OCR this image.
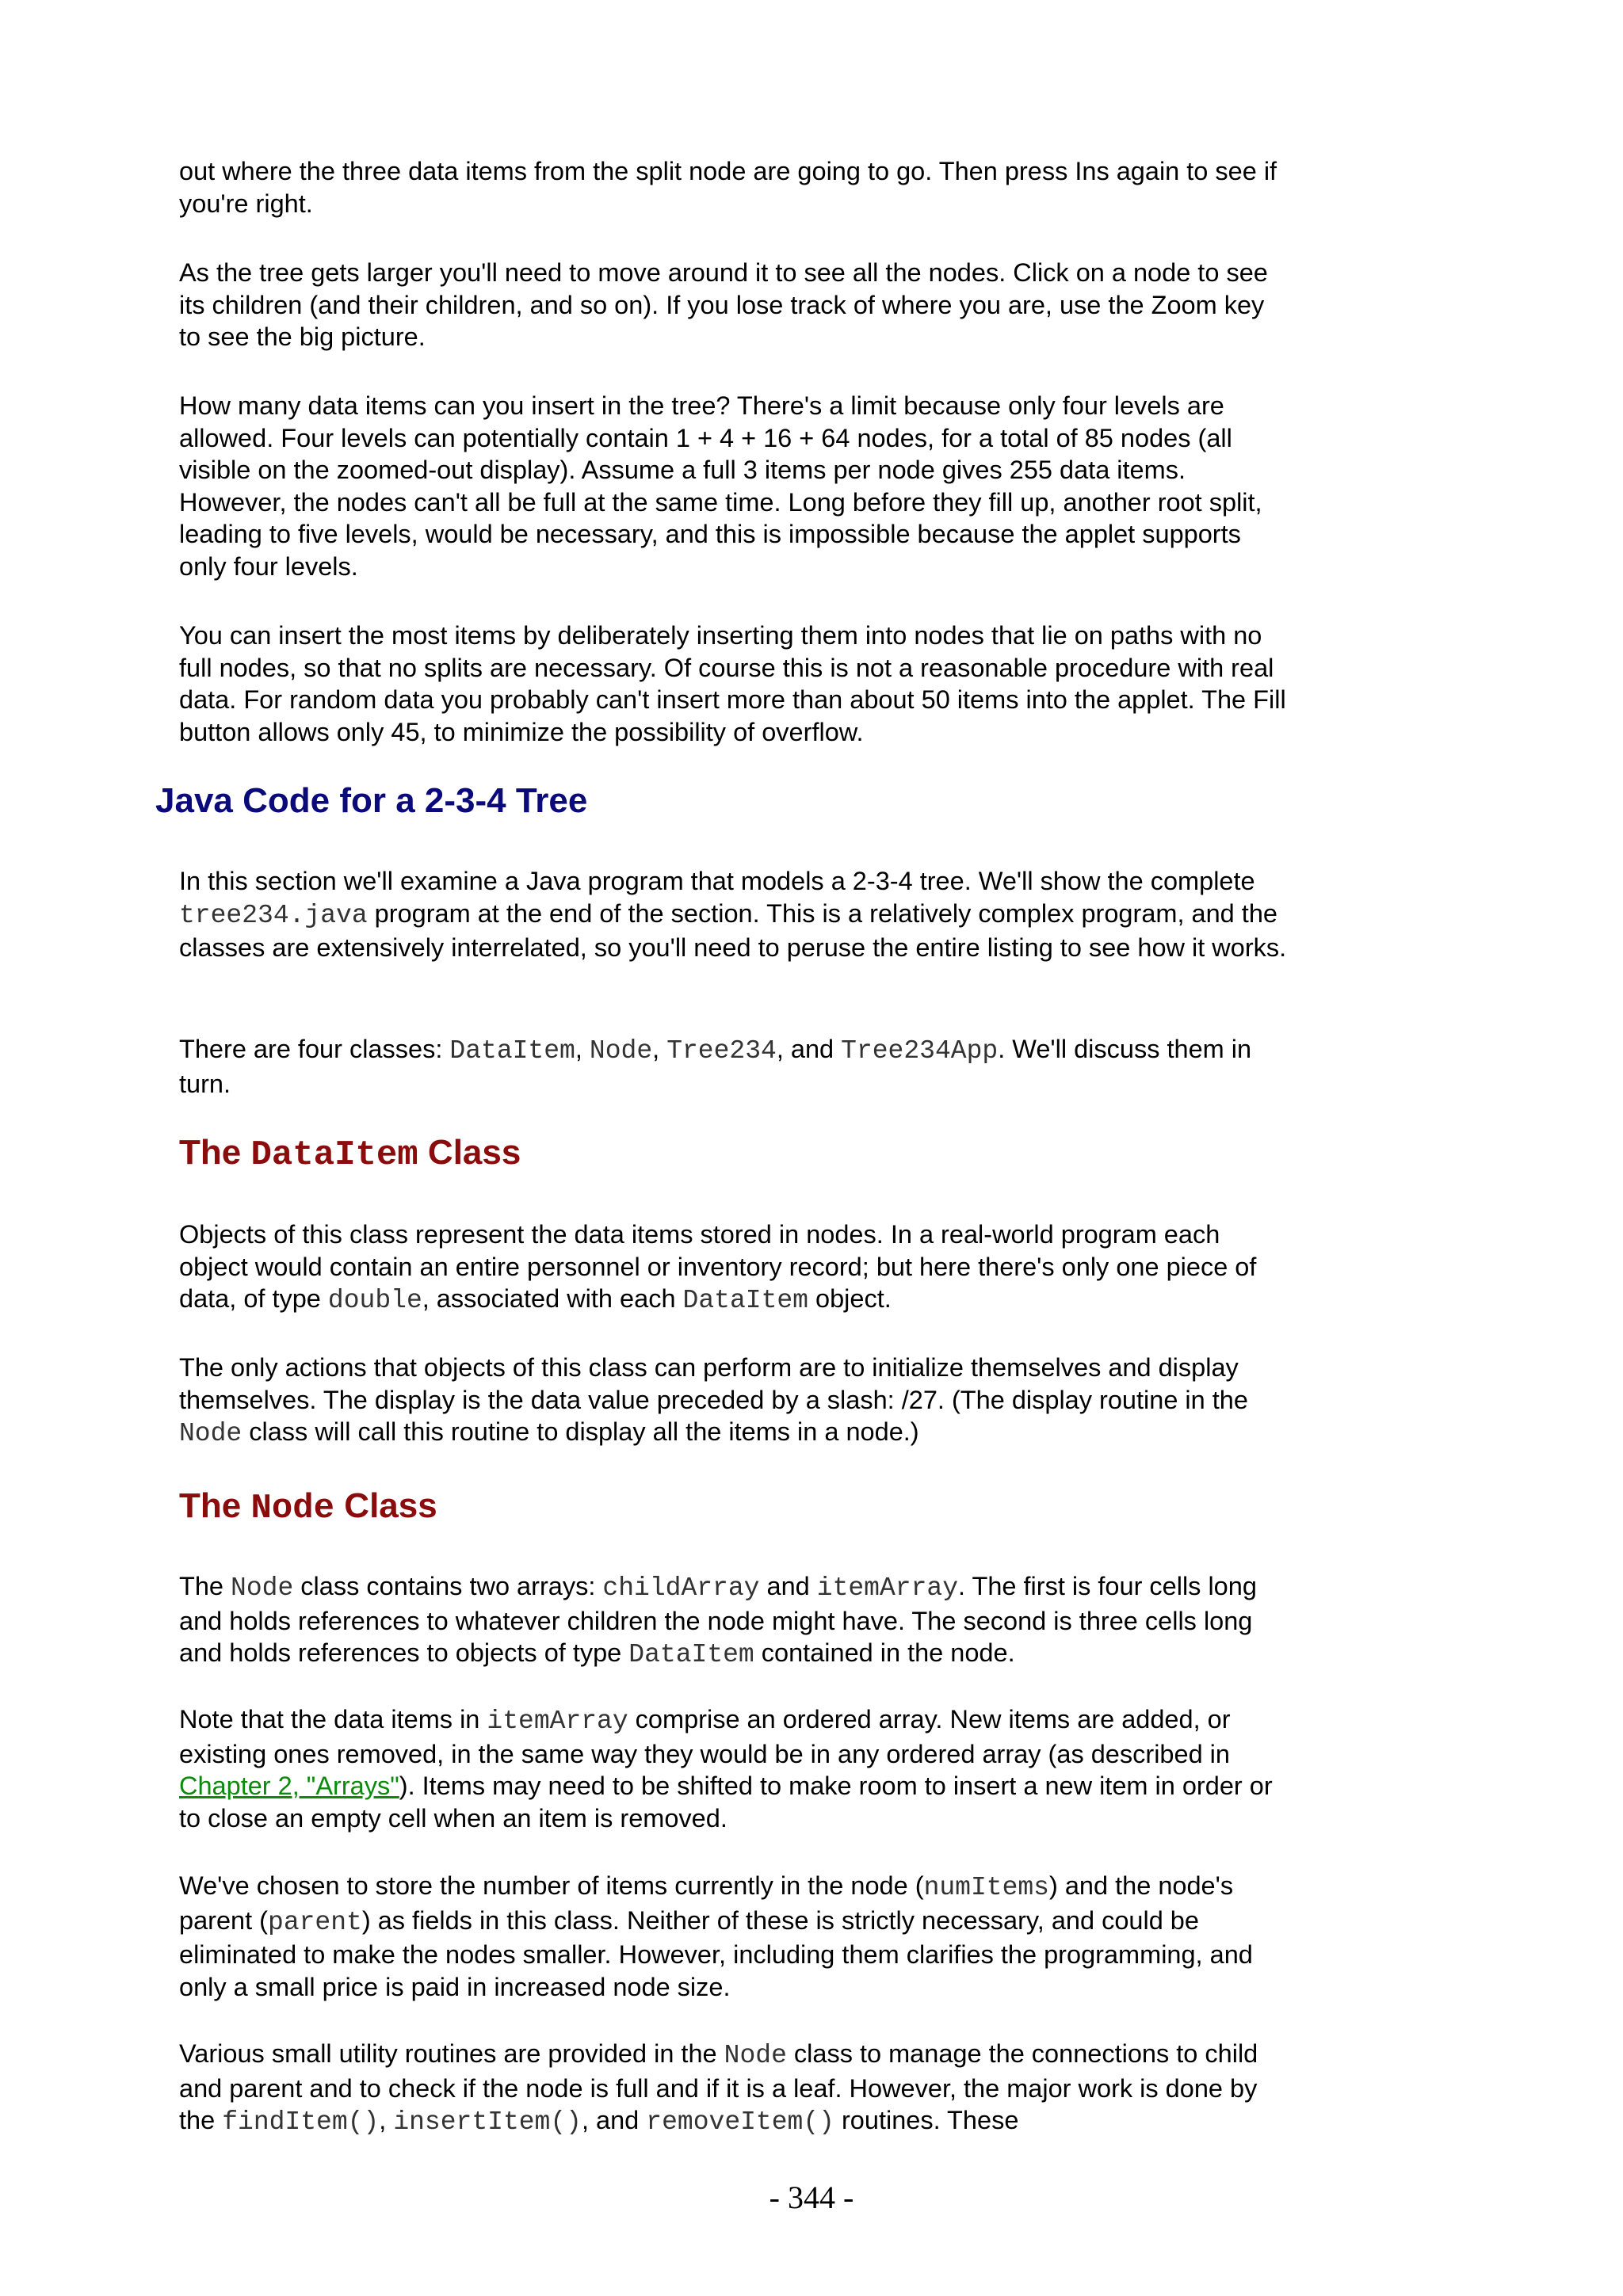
out where the three data items from the split node are going to go. Then press Ins again to see if you're right.

As the tree gets larger you'll need to move around it to see all the nodes. Click on a node to see its children (and their children, and so on). If you lose track of where you are, use the Zoom key to see the big picture.

How many data items can you insert in the tree? There's a limit because only four levels are allowed. Four levels can potentially contain 1 + 4 + 16 + 64 nodes, for a total of 85 nodes (all visible on the zoomed-out display). Assume a full 3 items per node gives 255 data items. However, the nodes can't all be full at the same time. Long before they fill up, another root split, leading to five levels, would be necessary, and this is impossible because the applet supports only four levels.

You can insert the most items by deliberately inserting them into nodes that lie on paths with no full nodes, so that no splits are necessary. Of course this is not a reasonable procedure with real data. For random data you probably can't insert more than about 50 items into the applet. The Fill button allows only 45, to minimize the possibility of overflow.

Java Code for a 2-3-4 Tree

In this section we'll examine a Java program that models a 2-3-4 tree. We'll show the complete tree234.java program at the end of the section. This is a relatively complex program, and the classes are extensively interrelated, so you'll need to peruse the entire listing to see how it works.

There are four classes: DataItem, Node, Tree234, and Tree234App. We'll discuss them in turn.

The DataItem Class

Objects of this class represent the data items stored in nodes. In a real-world program each object would contain an entire personnel or inventory record; but here there's only one piece of data, of type double, associated with each DataItem object.

The only actions that objects of this class can perform are to initialize themselves and display themselves. The display is the data value preceded by a slash: /27. (The display routine in the Node class will call this routine to display all the items in a node.)

The Node Class

The Node class contains two arrays: childArray and itemArray. The first is four cells long and holds references to whatever children the node might have. The second is three cells long and holds references to objects of type DataItem contained in the node.

Note that the data items in itemArray comprise an ordered array. New items are added, or existing ones removed, in the same way they would be in any ordered array (as described in Chapter 2, "Arrays"). Items may need to be shifted to make room to insert a new item in order or to close an empty cell when an item is removed.

We've chosen to store the number of items currently in the node (numItems) and the node's parent (parent) as fields in this class. Neither of these is strictly necessary, and could be eliminated to make the nodes smaller. However, including them clarifies the programming, and only a small price is paid in increased node size.

Various small utility routines are provided in the Node class to manage the connections to child and parent and to check if the node is full and if it is a leaf. However, the major work is done by the findItem(), insertItem(), and removeItem() routines. These

- 344 -
